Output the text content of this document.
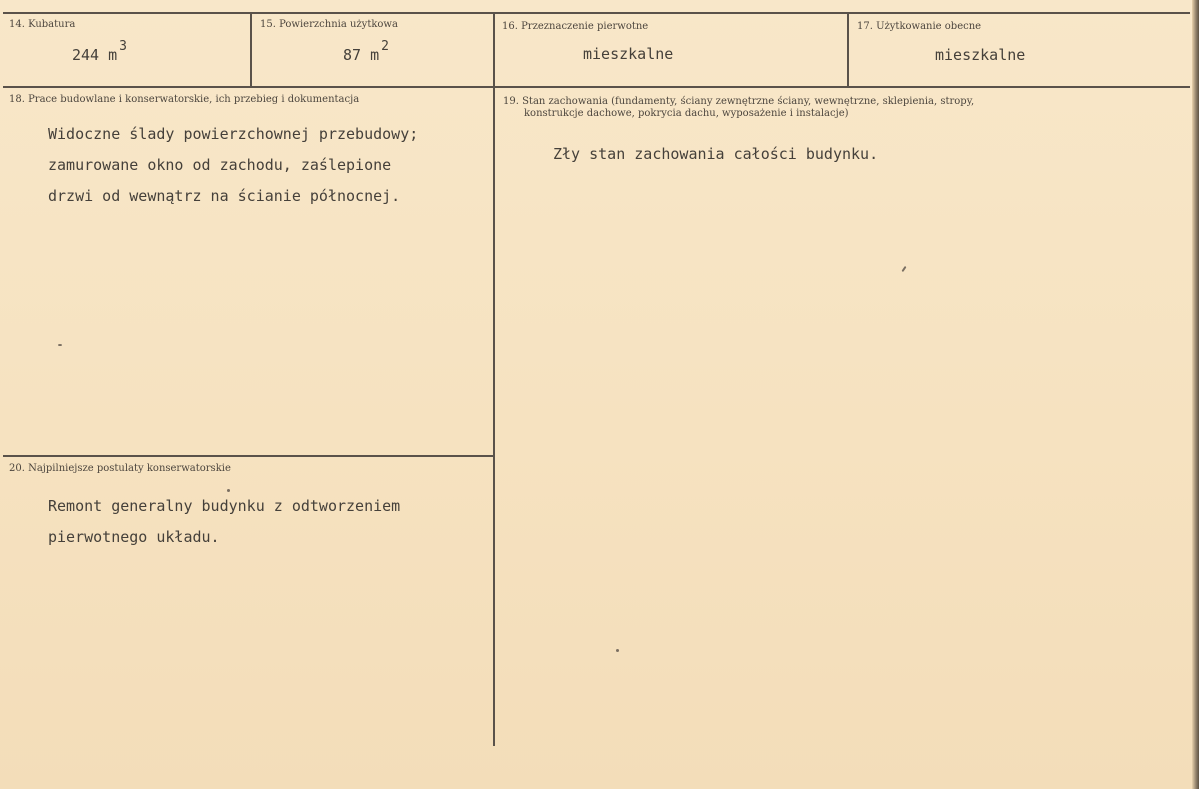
14. Kubatura
244 m $^3$
15. Powierzchnia użytkowa
87 m $^2$
16. Przeznaczenie pierwotne
mieszkalne
17. Użytkowanie obecne
mieszkalne
18. Prace budowlane i konserwatorskie, ich przebieg i dokumentacja
Widoczne ślady powierzchownej przebudowy;
zamurowane okno od zachodu, zaślepione
drzwi od wewnątrz na ścianie północnej.
19. Stan zachowania (fundamenty, ściany zewnętrzne ściany, wewnętrzne, sklepienia, stropy,
konstrukcje dachowe, pokrycia dachu, wyposażenie i instalacje)
Zły stan zachowania całości budynku.
20. Najpilniejsze postulaty konserwatorskie
Remont generalny budynku z odtworzeniem
pierwotnego układu.
